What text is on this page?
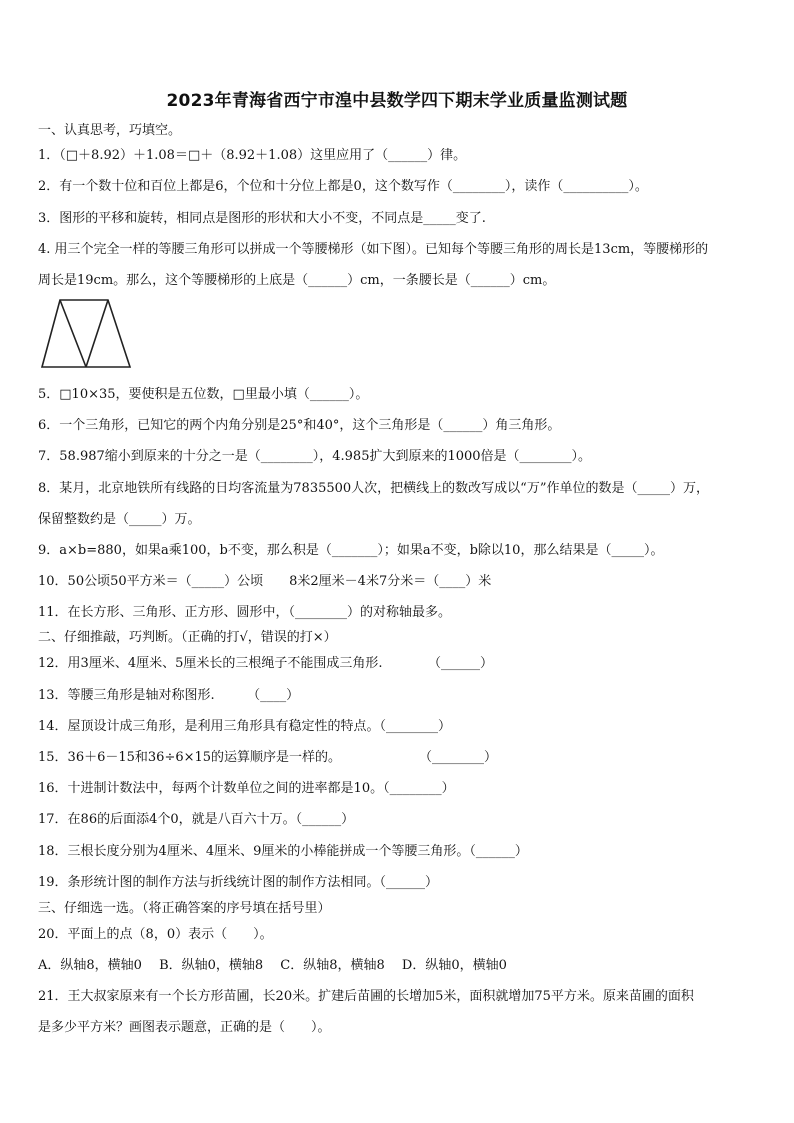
2023年青海省西宁市湟中县数学四下期末学业质量监测试题
一、认真思考，巧填空。
1．（□＋8.92）＋1.08＝□＋（8.92＋1.08）这里应用了（______）律。
2．有一个数十位和百位上都是6，个位和十分位上都是0，这个数写作（________），读作（__________）。
3．图形的平移和旋转，相同点是图形的形状和大小不变，不同点是_____变了.
4. 用三个完全一样的等腰三角形可以拼成一个等腰梯形（如下图）。已知每个等腰三角形的周长是13cm，等腰梯形的
周长是19cm。那么，这个等腰梯形的上底是（______）cm，一条腰长是（______）cm。
5．□10×35，要使积是五位数，□里最小填（______）。
6．一个三角形，已知它的两个内角分别是25°和40°，这个三角形是（______）角三角形。
7．58.987缩小到原来的十分之一是（________），4.985扩大到原来的1000倍是（________）。
8．某月，北京地铁所有线路的日均客流量为7835500人次，把横线上的数改写成以“万”作单位的数是（_____）万，
保留整数约是（_____）万。
9．a×b=880，如果a乘100，b不变，那么积是（_______）；如果a不变，b除以10，那么结果是（_____）。
10．50公顷50平方米＝（_____）公顷　　8米2厘米－4米7分米＝（____）米
11．在长方形、三角形、正方形、圆形中，（________）的对称轴最多。
二、仔细推敲，巧判断。（正确的打√，错误的打×）
12．用3厘米、4厘米、5厘米长的三根绳子不能围成三角形.　　　　（______）
13．等腰三角形是轴对称图形.　　　（____）
14．屋顶设计成三角形，是利用三角形具有稳定性的特点。（________）
15．36＋6－15和36÷6×15的运算顺序是一样的。　　　　　　　（________）
16．十进制计数法中，每两个计数单位之间的进率都是10。（________）
17．在86的后面添4个0，就是八百六十万。（______）
18．三根长度分别为4厘米、4厘米、9厘米的小棒能拼成一个等腰三角形。（______）
19．条形统计图的制作方法与折线统计图的制作方法相同。（______）
三、仔细选一选。（将正确答案的序号填在括号里）
20．平面上的点（8，0）表示（　　）。
A．纵轴8，横轴0　 B．纵轴0，横轴8　 C．纵轴8，横轴8　 D．纵轴0，横轴0
21．王大叔家原来有一个长方形苗圃，长20米。扩建后苗圃的长增加5米，面积就增加75平方米。原来苗圃的面积
是多少平方米？画图表示题意，正确的是（　　）。
